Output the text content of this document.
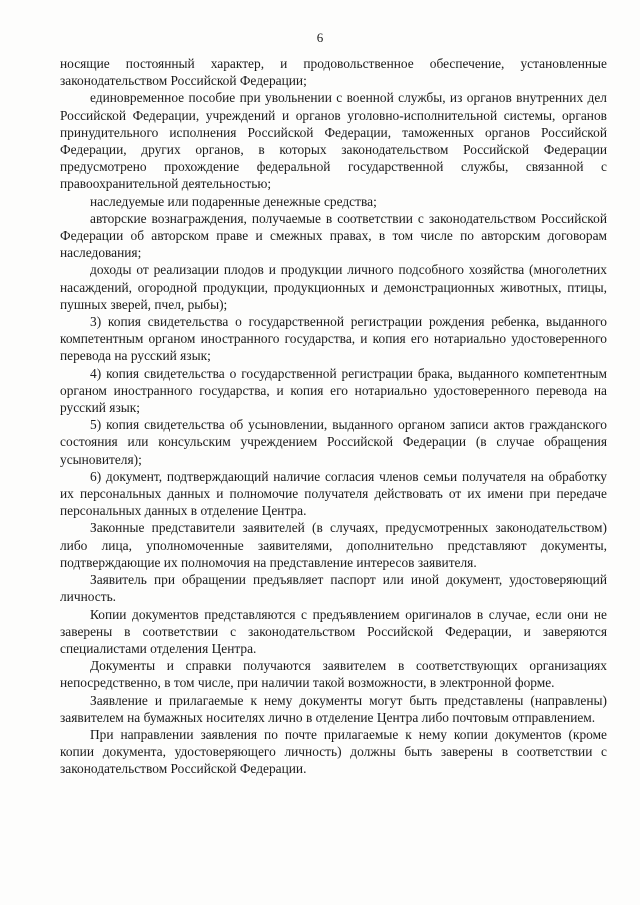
6

носящие постоянный характер, и продовольственное обеспечение, установленные законодательством Российской Федерации;

единовременное пособие при увольнении с военной службы, из органов внутренних дел Российской Федерации, учреждений и органов уголовно-исполнительной системы, органов принудительного исполнения Российской Федерации, таможенных органов Российской Федерации, других органов, в которых законодательством Российской Федерации предусмотрено прохождение федеральной государственной службы, связанной с правоохранительной деятельностью;

наследуемые или подаренные денежные средства;

авторские вознаграждения, получаемые в соответствии с законодательством Российской Федерации об авторском праве и смежных правах, в том числе по авторским договорам наследования;

доходы от реализации плодов и продукции личного подсобного хозяйства (многолетних насаждений, огородной продукции, продукционных и демонстрационных животных, птицы, пушных зверей, пчел, рыбы);

3) копия свидетельства о государственной регистрации рождения ребенка, выданного компетентным органом иностранного государства, и копия его нотариально удостоверенного перевода на русский язык;

4) копия свидетельства о государственной регистрации брака, выданного компетентным органом иностранного государства, и копия его нотариально удостоверенного перевода на русский язык;

5) копия свидетельства об усыновлении, выданного органом записи актов гражданского состояния или консульским учреждением Российской Федерации (в случае обращения усыновителя);

6) документ, подтверждающий наличие согласия членов семьи получателя на обработку их персональных данных и полномочие получателя действовать от их имени при передаче персональных данных в отделение Центра.

Законные представители заявителей (в случаях, предусмотренных законодательством) либо лица, уполномоченные заявителями, дополнительно представляют документы, подтверждающие их полномочия на представление интересов заявителя.

Заявитель при обращении предъявляет паспорт или иной документ, удостоверяющий личность.

Копии документов представляются с предъявлением оригиналов в случае, если они не заверены в соответствии с законодательством Российской Федерации, и заверяются специалистами отделения Центра.

Документы и справки получаются заявителем в соответствующих организациях непосредственно, в том числе, при наличии такой возможности, в электронной форме.

Заявление и прилагаемые к нему документы могут быть представлены (направлены) заявителем на бумажных носителях лично в отделение Центра либо почтовым отправлением.

При направлении заявления по почте прилагаемые к нему копии документов (кроме копии документа, удостоверяющего личность) должны быть заверены в соответствии с законодательством Российской Федерации.
